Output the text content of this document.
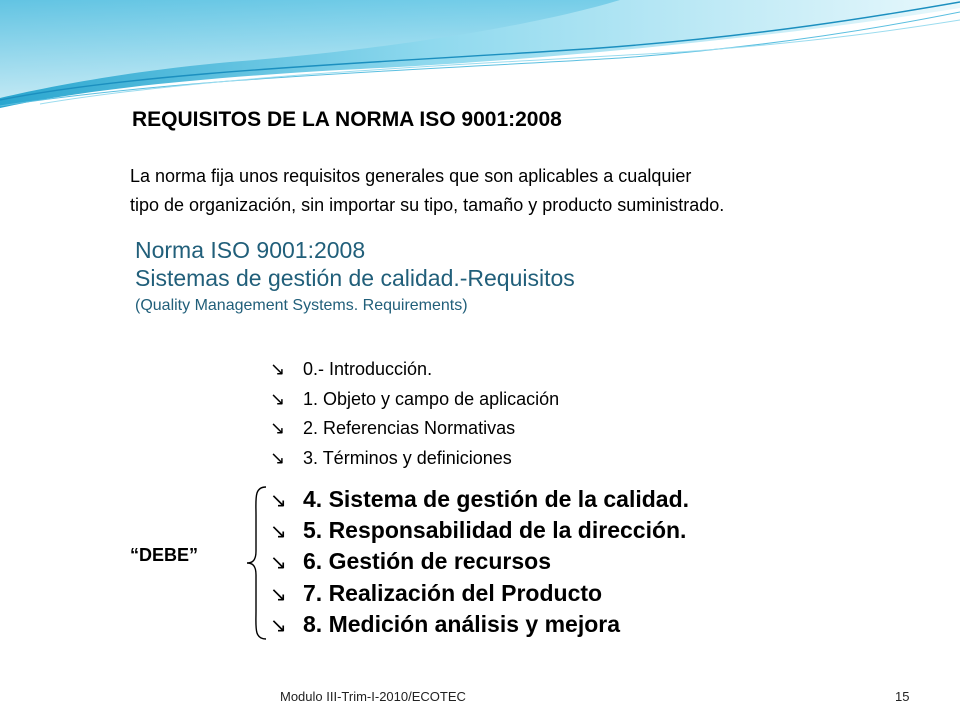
REQUISITOS DE LA NORMA ISO 9001:2008

La norma fija unos requisitos generales que son aplicables a cualquier
tipo de organización, sin importar su tipo, tamaño y producto suministrado.

Norma ISO 9001:2008
Sistemas de gestión de calidad.-Requisitos
(Quality Management Systems. Requirements)
↘ 0.- Introducción.
↘ 1. Objeto y campo de aplicación
↘ 2. Referencias Normativas
↘ 3. Términos y definiciones
↘ 4. Sistema de gestión de la calidad.
↘ 5. Responsabilidad de la dirección.
↘ 6. Gestión de recursos
↘ 7. Realización del Producto
↘ 8. Medición análisis y mejora

“DEBE”

Modulo III-Trim-I-2010/ECOTEC	15
